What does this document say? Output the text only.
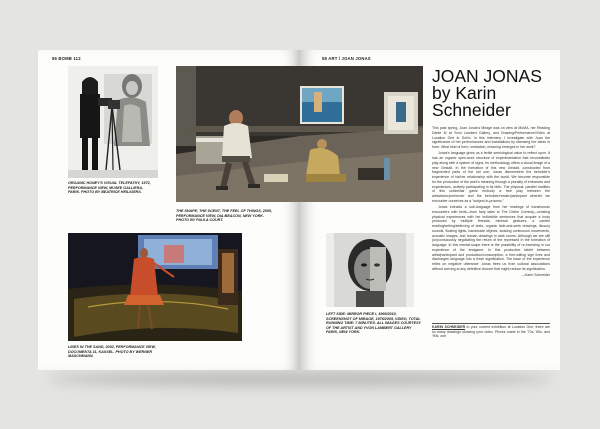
56 BOMB 112
ORGANIC HONEY'S VISUAL TELEPATHY, 1972, PERFORMANCE VIEW, MUSEE GALLIERA, PARIS. PHOTO BY BEATRICE HEILIGERS.
THE SHAPE, THE SCENT, THE FEEL OF THINGS, 2005, PERFORMANCE VIEW, DIA:BEACON, NEW YORK. PHOTO BY PAULA COURT.
LINES IN THE SAND, 2002, PERFORMANCE VIEW, DOCUMENTA 11, KASSEL. PHOTO BY WERNER MASCHMANN.
58 ART / JOAN JONAS
LEFT SIDE: MIRROR PIECE I, 1969/2010, SCREENSHOT OF MIRAGE, 1976/2005, VIDEO, TOTAL RUNNING TIME: 7 MINUTES. ALL IMAGES COURTESY OF THE ARTIST AND YVON LAMBERT GALLERY PARIS, NEW YORK.
JOAN JONAS
by Karin
Schneider

This past spring, Joan Jonas's Mirage was on view at MoMA, her Reading Dante III at Yvon Lambert Gallery, and Drawing/Performance/Video at Location One in SoHo. In this interview, I investigate with Joan the significance of her performances and installations by stressing her ideas in form. What kind of form, mediation, meaning emerges in her work?

Jonas's language gives us a fertile semiological value to reflect upon. It has an organic open-work structure of experimentation that reconstitutes play along with a system of signs. Its methodology offers a visual image of a new Gestalt. In the formation of this new Gestalt, constructed from fragmented parts of the old one, Jonas dismembers the beholder's experience of his/her relationship with the world. We become responsible for the production of the work's meaning through a plurality of entrances and experiences, actively participating in its birth. The physical, parallel realities of this unfamiliar game embody a free play between the artist/actor/performer and the beholder/reader/participant wherein we encounter ourselves as a "subject-in-process."

Jonas extracts a sub-language from her readings of transhuman encounters with texts—from fairy tales to The Divine Comedy—creating physical experiences with her indivisible sentences that acquire a body produced by multiple threads: minimal gestures, a careful reading/writing/believing of texts, organic hide-and-seek drawings, illusory sounds, floating lights, handmade objects, snaking continuous movements, acoustic images, and human drawings in dark rooms. Although we are still (un)consciously negotiating the return of the repressed in the formation of language, in this mental-scape there is the possibility of re-investing in our experience of the endgame. In this productive tablet between artist/participant and production/consumption, a free-willing sign lives and discharges language into a fresh signification. The base of the experience relies on negative utterance: Jonas frees us from cultural associations without arriving at any definitive closure that might reduce its signification.

—Karin Schneider
KARIN SCHNEIDER In your current exhibition at Location One, there are so many drawings showing your video. Pieces made in the '70s, '80s, and '90s; one
